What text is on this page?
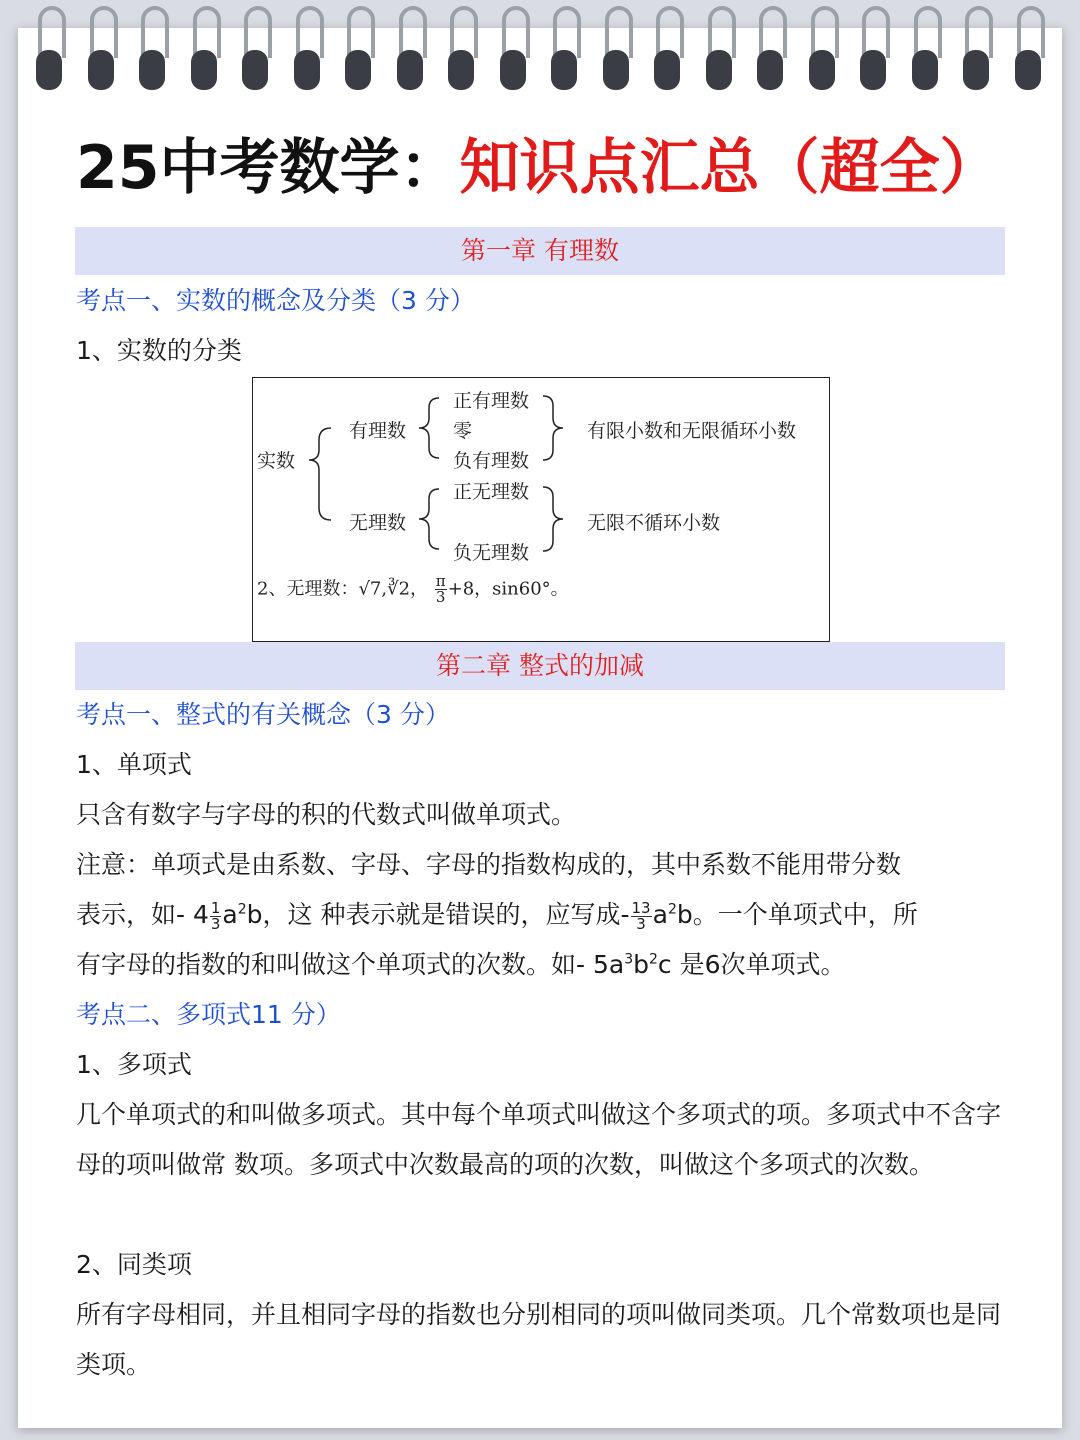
25中考数学：知识点汇总（超全）
第一章 有理数
考点一、实数的概念及分类（3 分）
1、实数的分类
实数
有理数
无理数
正有理数
零
负有理数
正无理数
负无理数
有限小数和无限循环小数
无限不循环小数
2、无理数：√7,∛2， $\frac{\pi}{3} +8$，sin60°。
第二章 整式的加减
考点一、整式的有关概念（3 分）
1、单项式
只含有数字与字母的积的代数式叫做单项式。
注意：单项式是由系数、字母、字母的指数构成的，其中系数不能用带分数
表示，如- $4 \frac{1}{3} a^2b$，这 种表示就是错误的，应写成- $\frac{13}{3} a^2b$。一个单项式中，所
有字母的指数的和叫做这个单项式的次数。如- $5a^3b^2c$ 是6次单项式。
考点二、多项式11 分）
1、多项式
几个单项式的和叫做多项式。其中每个单项式叫做这个多项式的项。多项式中不含字母的项叫做常 数项。多项式中次数最高的项的次数，叫做这个多项式的次数。
2、同类项
所有字母相同，并且相同字母的指数也分别相同的项叫做同类项。几个常数项也是同类项。
